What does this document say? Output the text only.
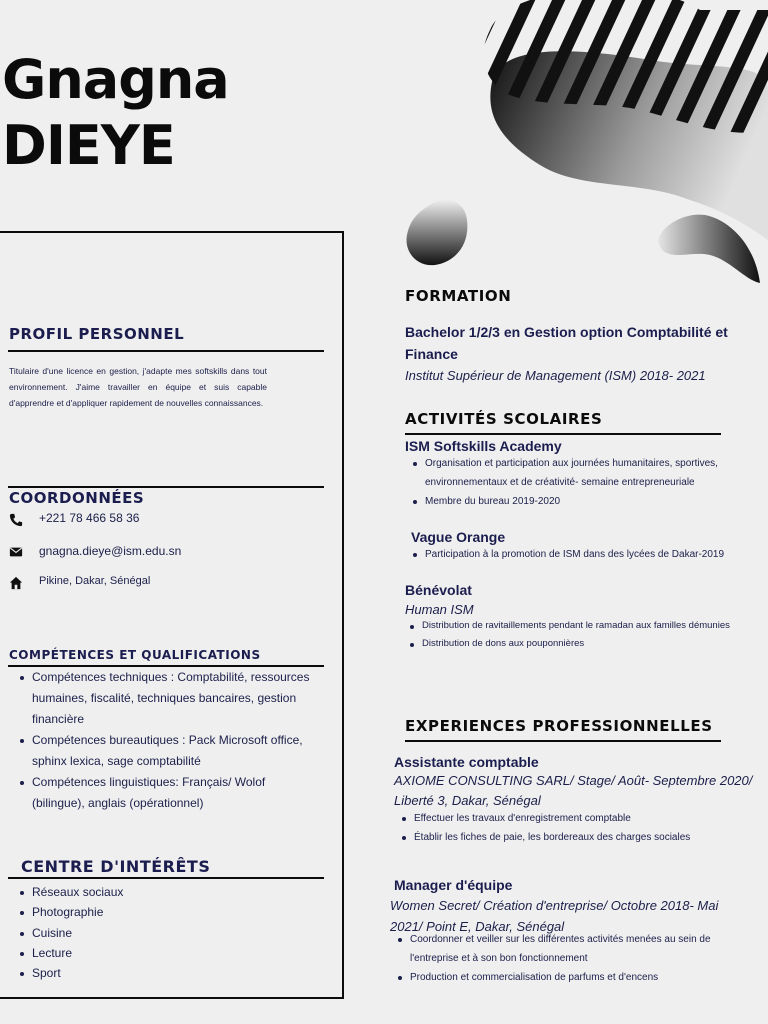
Gnagna
DIEYE
PROFIL PERSONNEL
Titulaire d'une licence en gestion, j'adapte mes softskills dans tout environnement. J'aime travailler en équipe et suis capable d'apprendre et d'appliquer rapidement de nouvelles connaissances.
COORDONNÉES
+221 78 466 58 36
gnagna.dieye@ism.edu.sn
Pikine, Dakar, Sénégal
COMPÉTENCES ET QUALIFICATIONS
Compétences techniques : Comptabilité, ressources humaines, fiscalité, techniques bancaires, gestion financière
Compétences bureautiques : Pack Microsoft office, sphinx lexica, sage comptabilité
Compétences linguistiques: Français/ Wolof (bilingue), anglais (opérationnel)
CENTRE D'INTÉRÊTS
Réseaux sociaux
Photographie
Cuisine
Lecture
Sport
FORMATION
Bachelor 1/2/3 en Gestion option Comptabilité et Finance
Institut Supérieur de Management (ISM) 2018- 2021
ACTIVITÉS SCOLAIRES
ISM Softskills Academy
Organisation et participation aux journées humanitaires, sportives, environnementaux et de créativité- semaine entrepreneuriale
Membre du bureau 2019-2020
Vague Orange
Participation à la promotion de ISM dans des lycées de Dakar-2019
Bénévolat
Human ISM
Distribution de ravitaillements pendant le ramadan aux familles démunies
Distribution de dons aux pouponnières
EXPERIENCES PROFESSIONNELLES
Assistante comptable
AXIOME CONSULTING SARL/ Stage/ Août- Septembre 2020/ Liberté 3, Dakar, Sénégal
Effectuer les travaux d'enregistrement comptable
Établir les fiches de paie, les bordereaux des charges sociales
Manager d'équipe
Women Secret/ Création d'entreprise/ Octobre 2018- Mai 2021/ Point E, Dakar, Sénégal
Coordonner et veiller sur les différentes activités menées au sein de l'entreprise et à son bon fonctionnement
Production et commercialisation de parfums et d'encens
